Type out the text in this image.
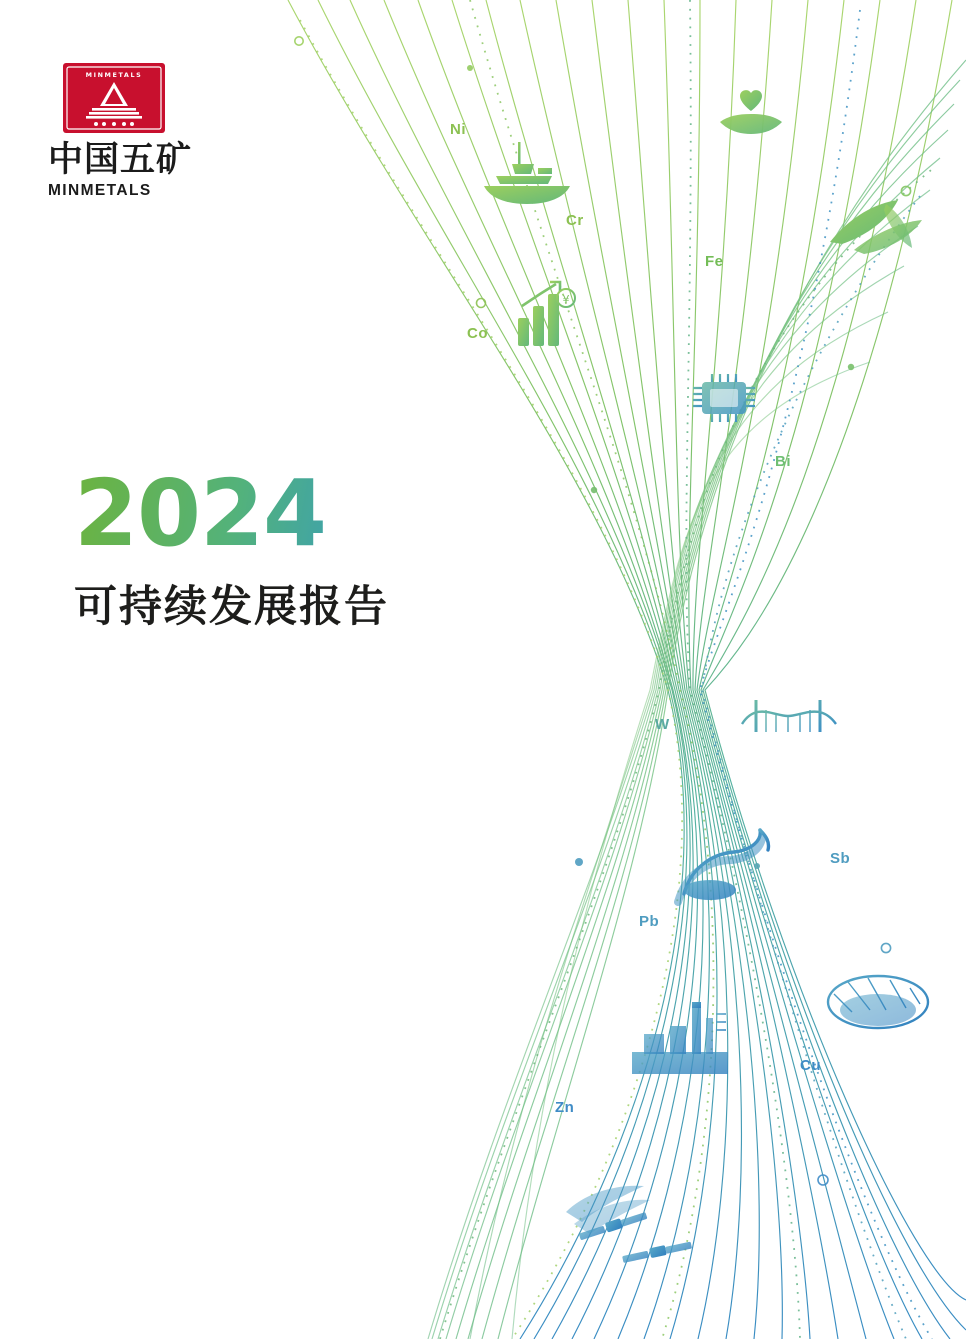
¥
MINMETALS
中国五矿
MINMETALS
2024
可持续发展报告
Ni
Cr
Fe
Co
Bi
W
Sb
Pb
Cu
Zn
